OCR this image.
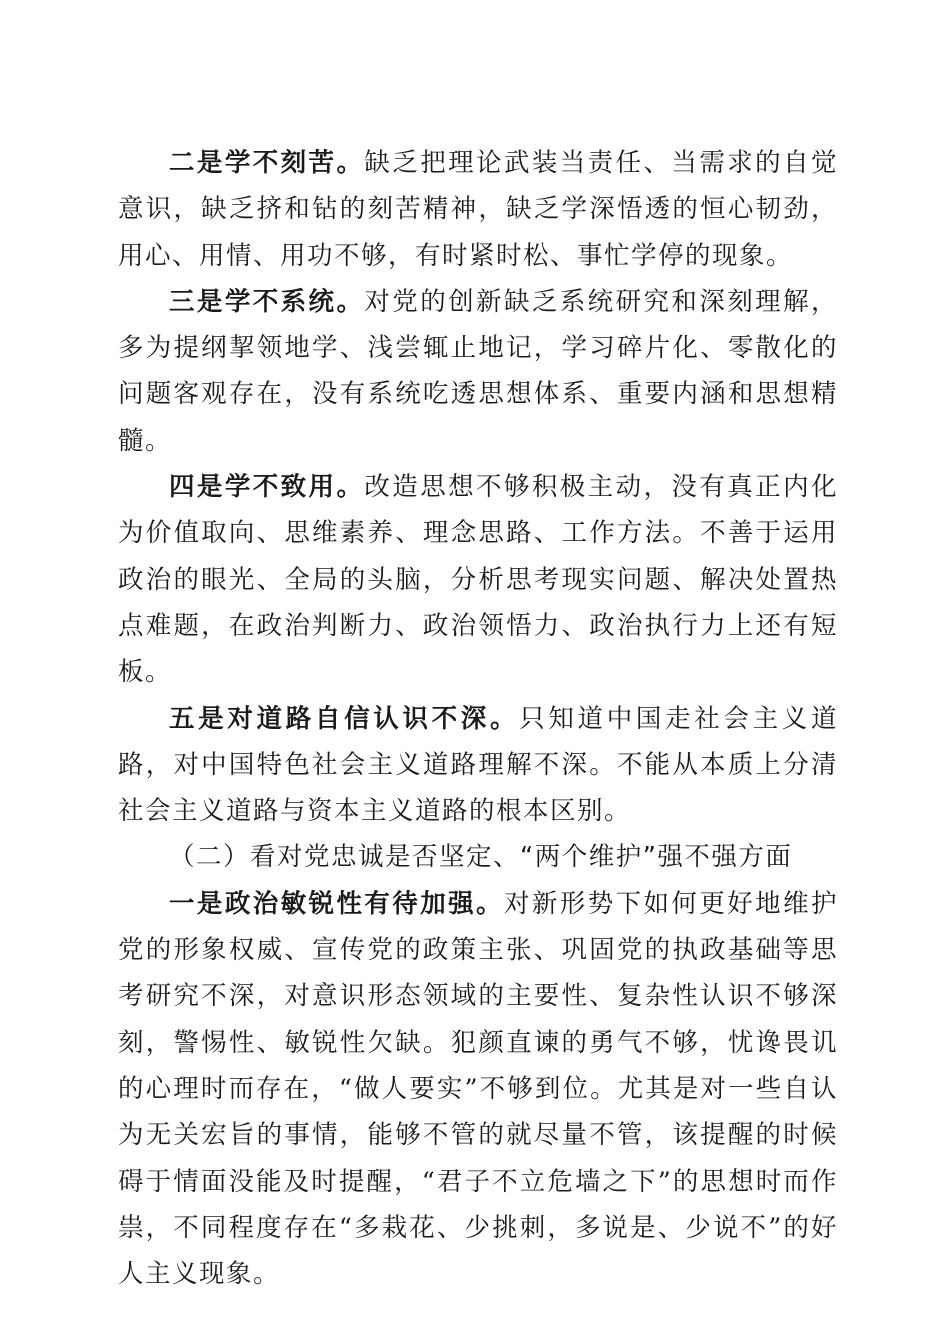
二是学不刻苦。缺乏把理论武装当责任、当需求的自觉意识，缺乏挤和钻的刻苦精神，缺乏学深悟透的恒心韧劲，用心、用情、用功不够，有时紧时松、事忙学停的现象。

三是学不系统。对党的创新缺乏系统研究和深刻理解，多为提纲挈领地学、浅尝辄止地记，学习碎片化、零散化的问题客观存在，没有系统吃透思想体系、重要内涵和思想精髓。

四是学不致用。改造思想不够积极主动，没有真正内化为价值取向、思维素养、理念思路、工作方法。不善于运用政治的眼光、全局的头脑，分析思考现实问题、解决处置热点难题，在政治判断力、政治领悟力、政治执行力上还有短板。

五是对道路自信认识不深。只知道中国走社会主义道路，对中国特色社会主义道路理解不深。不能从本质上分清社会主义道路与资本主义道路的根本区别。

（二）看对党忠诚是否坚定、“两个维护”强不强方面

一是政治敏锐性有待加强。对新形势下如何更好地维护党的形象权威、宣传党的政策主张、巩固党的执政基础等思考研究不深，对意识形态领域的主要性、复杂性认识不够深刻，警惕性、敏锐性欠缺。犯颜直谏的勇气不够，忧谗畏讥的心理时而存在，“做人要实”不够到位。尤其是对一些自认为无关宏旨的事情，能够不管的就尽量不管，该提醒的时候碍于情面没能及时提醒，“君子不立危墙之下”的思想时而作祟，不同程度存在“多栽花、少挑刺，多说是、少说不”的好人主义现象。
